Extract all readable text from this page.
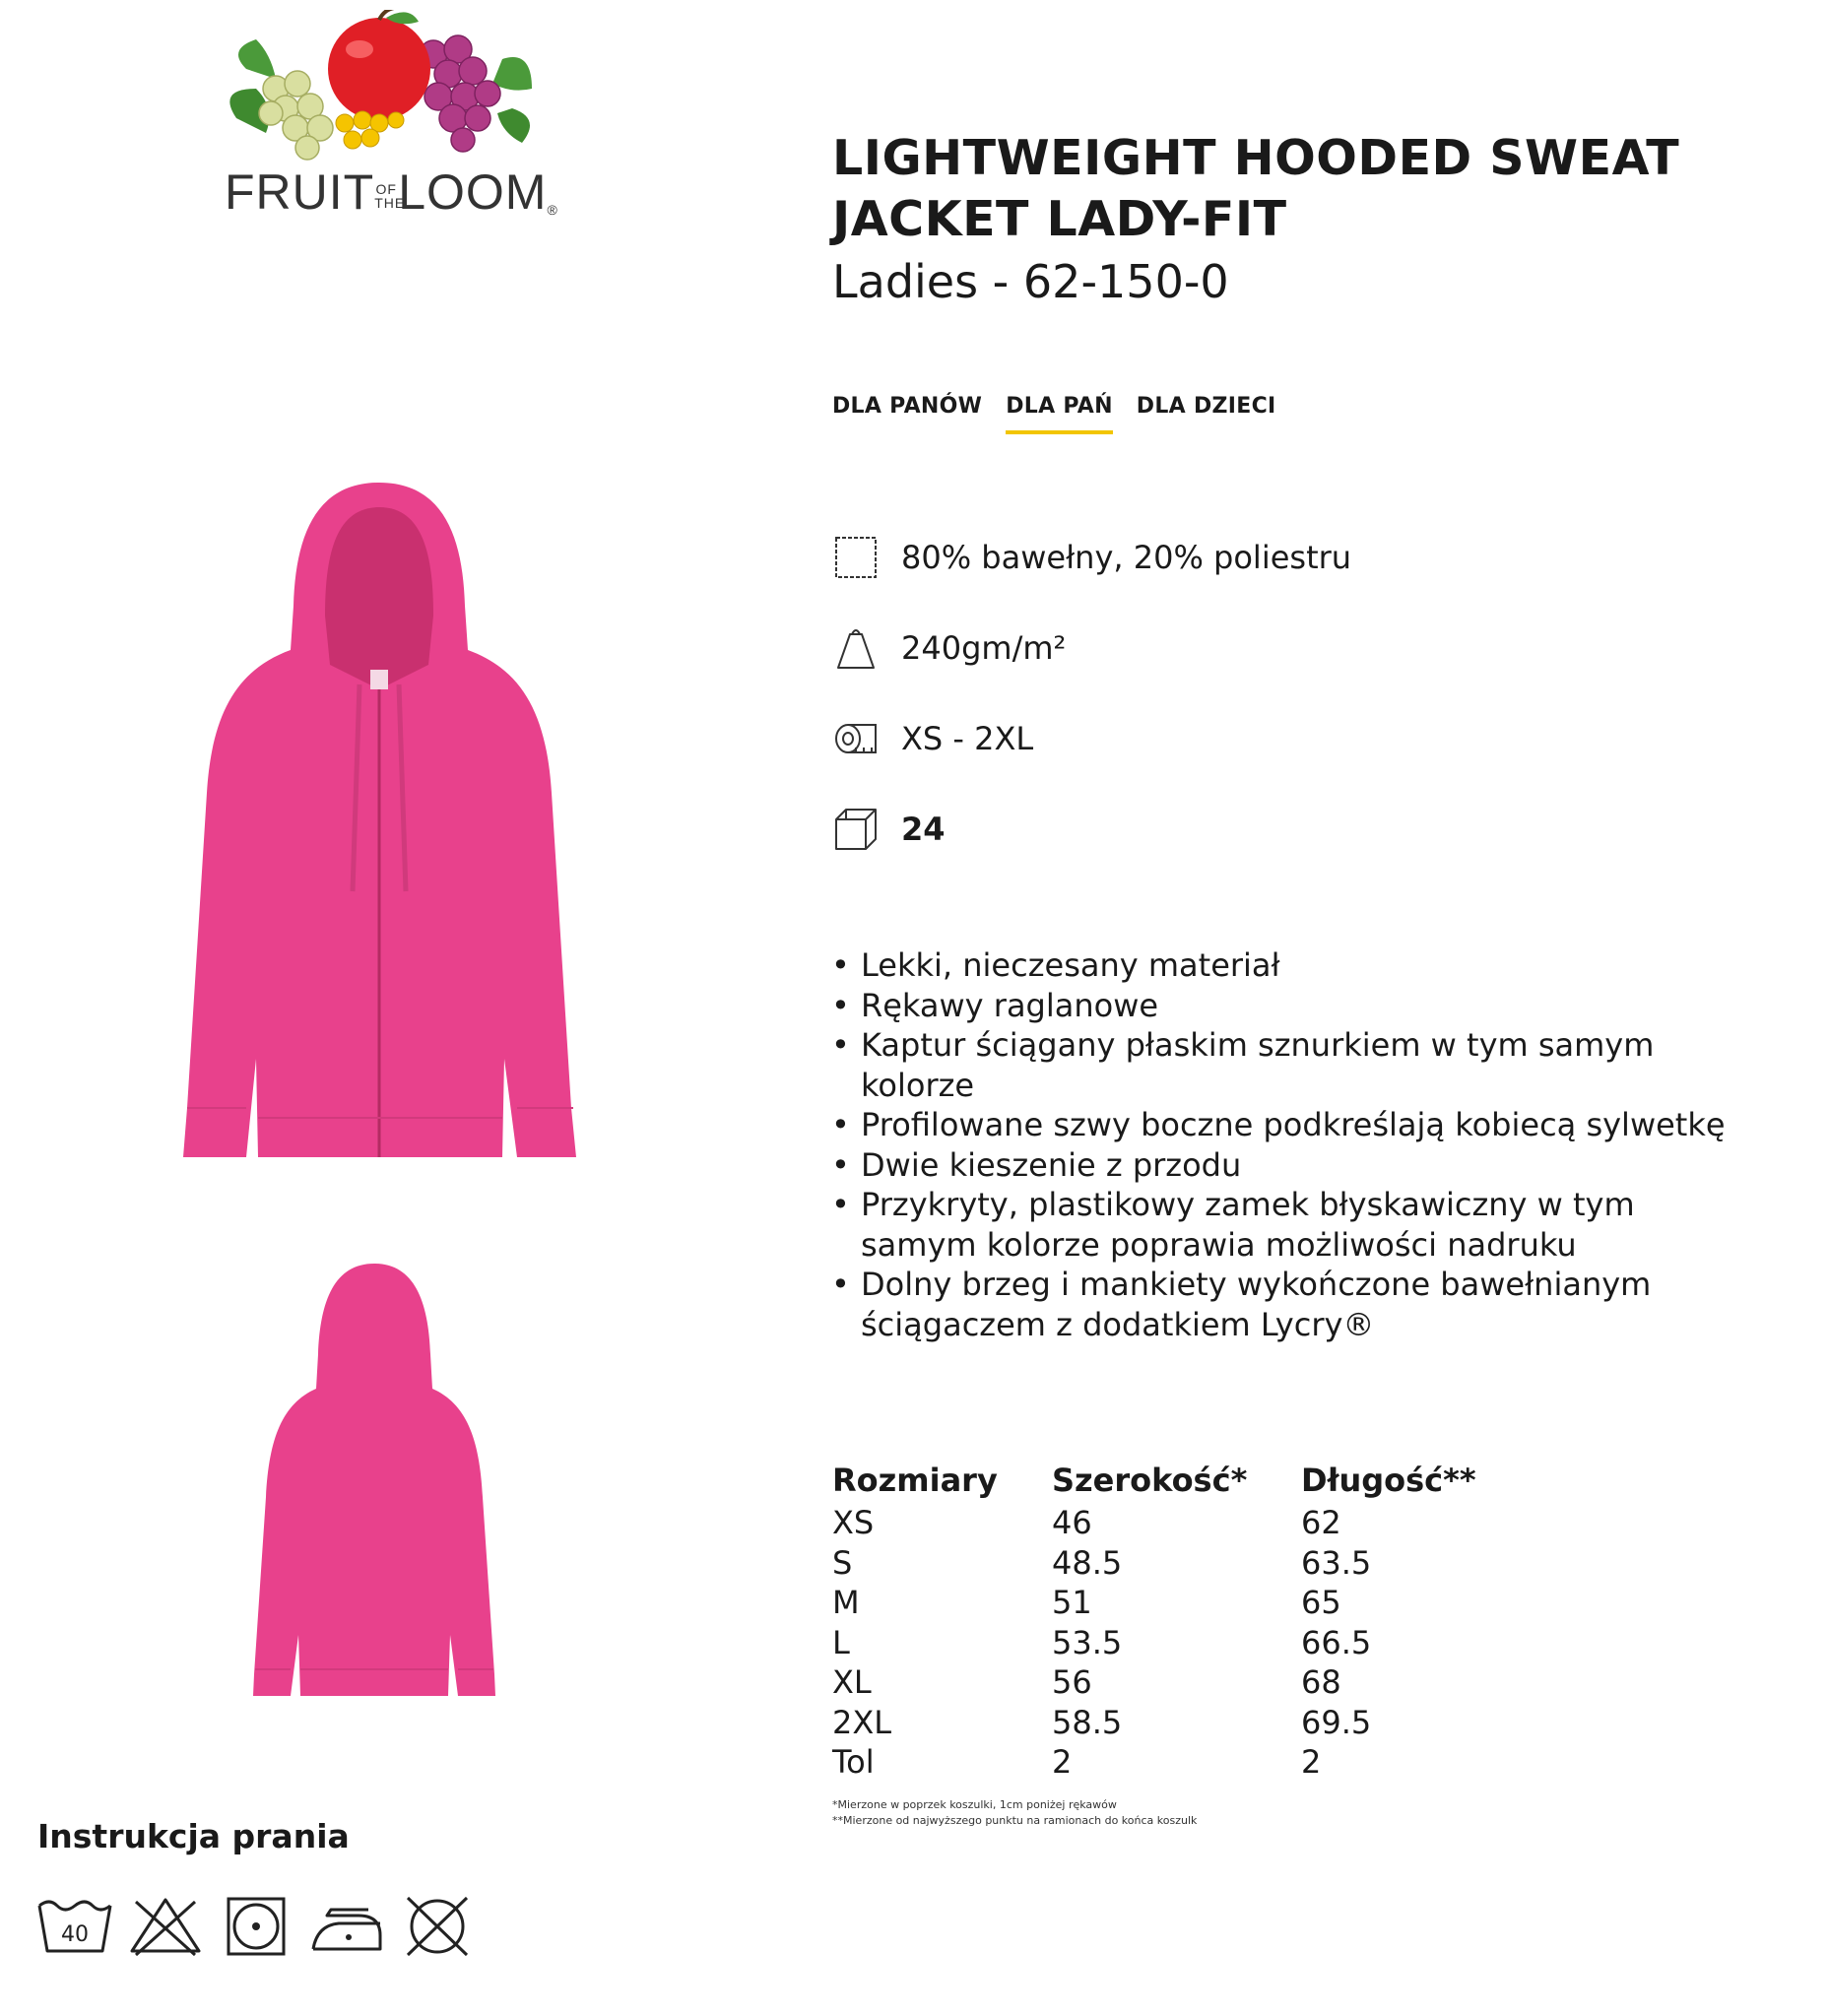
FRUITOF
THELOOM®
LIGHTWEIGHT HOODED SWEAT JACKET LADY-FIT
Ladies - 62-150-0
DLA PANÓW DLA PAŃ DLA DZIECI
80% bawełny, 20% poliestru
240gm/m²
XS - 2XL
24
• Lekki, nieczesany materiał
• Rękawy raglanowe
• Kaptur ściągany płaskim sznurkiem w tym samym kolorze
• Profilowane szwy boczne podkreślają kobiecą sylwetkę
• Dwie kieszenie z przodu
• Przykryty, plastikowy zamek błyskawiczny w tym samym kolorze poprawia możliwości nadruku
• Dolny brzeg i mankiety wykończone bawełnianym ściągaczem z dodatkiem Lycry®
Rozmiary	Szerokość*	Długość**
XS	46	62
S	48.5	63.5
M	51	65
L	53.5	66.5
XL	56	68
2XL	58.5	69.5
Tol	2	2
*Mierzone w poprzek koszulki, 1cm poniżej rękawów
**Mierzone od najwyższego punktu na ramionach do końca koszulk
Instrukcja prania
40
